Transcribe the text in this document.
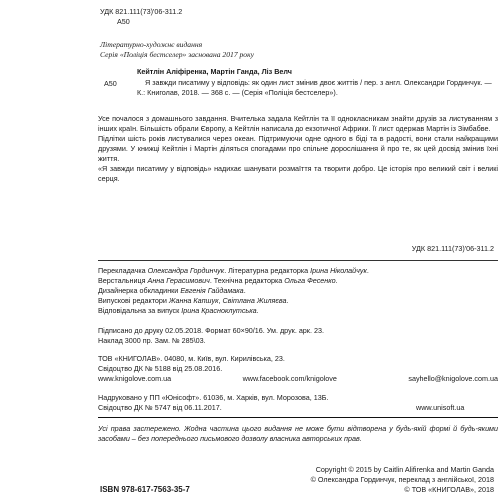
УДК 821.111(73)'06-311.2
A50
Літературно-художнє видання
Серія «Поліція бестселер» заснована 2017 року
A50
Кейтлін Аліфіренка, Мартін Ганда, Ліз Велч
Я завжди писатиму у відповідь: як один лист змінив двоє життів / пер. з англ. Олександри Гординчук. — К.: Книголав, 2018. — 368 с. — (Серія «Поліція бестселер»).

Усе почалося з домашнього завдання. Вчителька задала Кейтлін та її однокласникам знайти друзів за листуванням з інших країн. Більшість обрали Європу, а Кейтлін написала до екзотичної Африки. Її лист одержав Мартін із Зімбабве.

Підлітки шість років листувалися через океан. Підтримуючи одне одного в біді та в радості, вони стали найкращими друзями. У книжці Кейтлін і Мартін діляться спогадами про спільне дорослішання й про те, як цей досвід змінив їхні життя.

«Я завжди писатиму у відповідь» надихає шанувати розмаїття та творити добро. Це історія про великий світ і великі серця.

УДК 821.111(73)'06-311.2
Перекладачка Олександра Гординчук. Літературна редакторка Ірина Ніколайчук.
Верстальниця Анна Герасимович. Технічна редакторка Ольга Фесенко.
Дизайнерка обкладинки Евгенія Гайдамака.
Випускові редактори Жанна Капшук, Світлана Жиляєва.
Відповідальна за випуск Ірина Красноклутська.
Підписано до друку 02.05.2018. Формат 60×90/16. Ум. друк. арк. 23.
Наклад 3000 пр. Зам. № 285\03.
ТОВ «КНИГОЛАВ». 04080, м. Київ, вул. Кирилівська, 23.
Свідоцтво ДК № 5188 від 25.08.2016.
www.knigolove.com.ua	www.facebook.com/knigolove	sayhello@knigolove.com.ua
Надруковано у ПП «Юнісофт». 61036, м. Харків, вул. Морозова, 13Б.
Свідоцтво ДК № 5747 від 06.11.2017.	www.unisoft.ua
Усі права застережено. Жодна частина цього видання не може бути відтворена у будь-якій формі й будь-якими засобами – без попереднього письмового дозволу власника авторських прав.
Copyright © 2015 by Caitlin Alifirenka and Martin Ganda
© Олександра Гординчук, переклад з англійської, 2018
© ТОВ «КНИГОЛАВ», 2018
ISBN 978-617-7563-35-7
